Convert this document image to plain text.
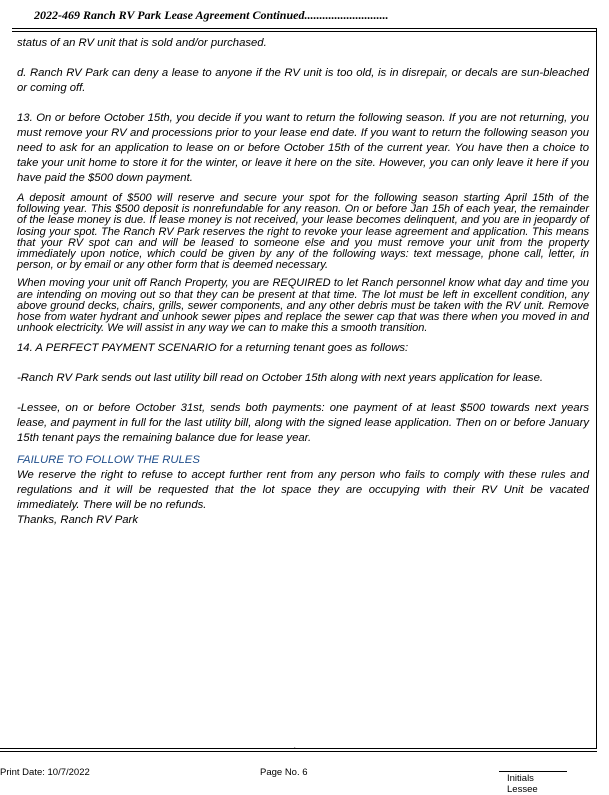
2022-469 Ranch RV Park Lease Agreement Continued............................

status of an RV unit that is sold and/or purchased.

d. Ranch RV Park can deny a lease to anyone if the RV unit is too old, is in disrepair, or decals are sun-bleached or coming off.

13. On or before October 15th, you decide if you want to return the following season. If you are not returning, you must remove your RV and processions prior to your lease end date. If you want to return the following season you need to ask for an application to lease on or before October 15th of the current year. You have then a choice to take your unit home to store it for the winter, or leave it here on the site. However, you can only leave it here if you have paid the $500 down payment.

A deposit amount of $500 will reserve and secure your spot for the following season starting April 15th of the following year. This $500 deposit is nonrefundable for any reason. On or before Jan 15h of each year, the remainder of the lease money is due. If lease money is not received, your lease becomes delinquent, and you are in jeopardy of losing your spot. The Ranch RV Park reserves the right to revoke your lease agreement and application. This means that your RV spot can and will be leased to someone else and you must remove your unit from the property immediately upon notice, which could be given by any of the following ways: text message, phone call, letter, in person, or by email or any other form that is deemed necessary.

When moving your unit off Ranch Property, you are REQUIRED to let Ranch personnel know what day and time you are intending on moving out so that they can be present at that time. The lot must be left in excellent condition, any above ground decks, chairs, grills, sewer components, and any other debris must be taken with the RV unit. Remove hose from water hydrant and unhook sewer pipes and replace the sewer cap that was there when you moved in and unhook electricity. We will assist in any way we can to make this a smooth transition.

14. A PERFECT PAYMENT SCENARIO for a returning tenant goes as follows:

-Ranch RV Park sends out last utility bill read on October 15th along with next years application for lease.

-Lessee, on or before October 31st, sends both payments: one payment of at least $500 towards next years lease, and payment in full for the last utility bill, along with the signed lease application. Then on or before January 15th tenant pays the remaining balance due for lease year.

FAILURE TO FOLLOW THE RULES

We reserve the right to refuse to accept further rent from any person who fails to comply with these rules and regulations and it will be requested that the lot space they are occupying with their RV Unit be vacated immediately. There will be no refunds.

Thanks, Ranch RV Park

.
Print Date: 10/7/2022	Page No. 6
Initials Lessee
